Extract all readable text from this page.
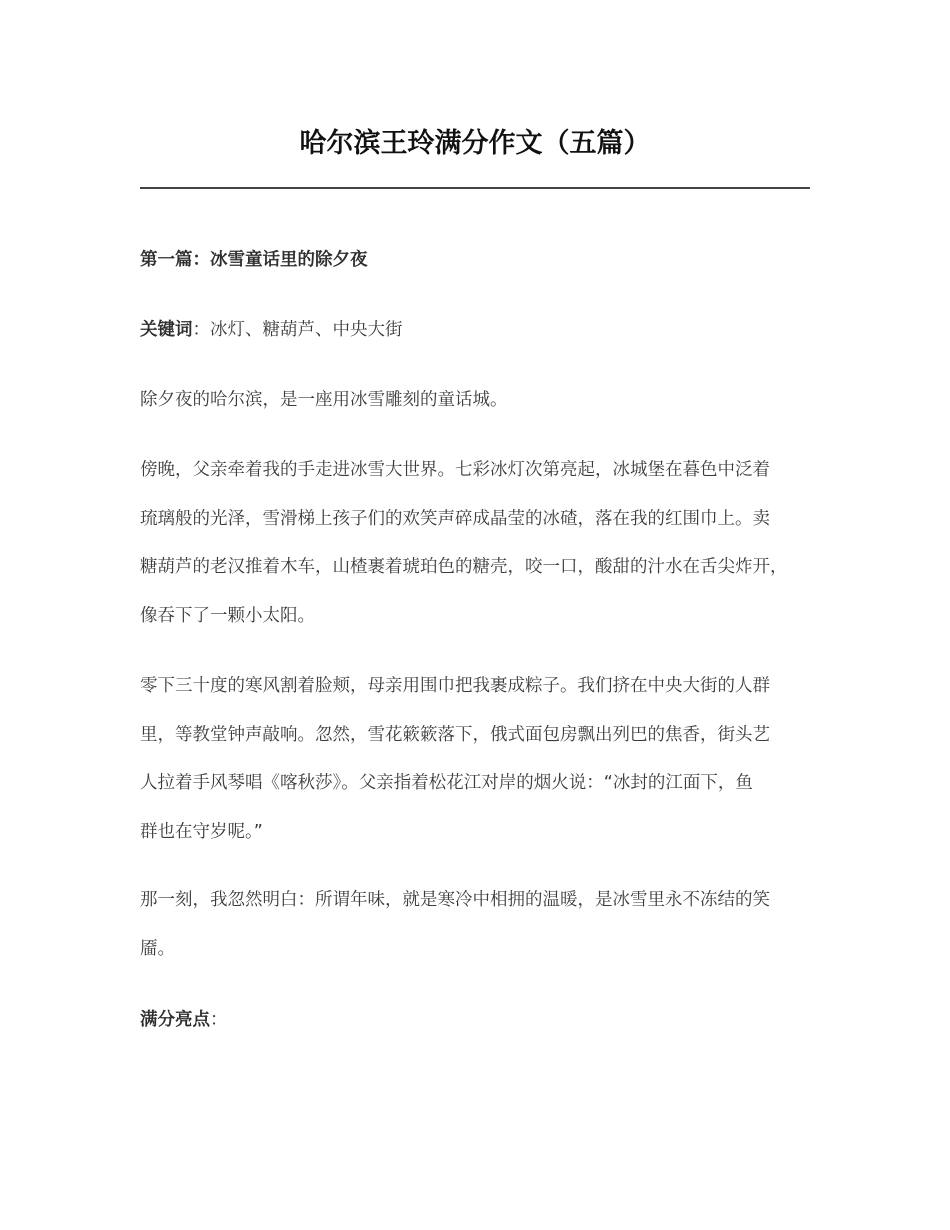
哈尔滨王玲满分作文（五篇）

第一篇：冰雪童话里的除夕夜

关键词：冰灯、糖葫芦、中央大街

除夕夜的哈尔滨，是一座用冰雪雕刻的童话城。

傍晚，父亲牵着我的手走进冰雪大世界。七彩冰灯次第亮起，冰城堡在暮色中泛着
琉璃般的光泽，雪滑梯上孩子们的欢笑声碎成晶莹的冰碴，落在我的红围巾上。卖
糖葫芦的老汉推着木车，山楂裹着琥珀色的糖壳，咬一口，酸甜的汁水在舌尖炸开，
像吞下了一颗小太阳。

零下三十度的寒风割着脸颊，母亲用围巾把我裹成粽子。我们挤在中央大街的人群
里，等教堂钟声敲响。忽然，雪花簌簌落下，俄式面包房飘出列巴的焦香，街头艺
人拉着手风琴唱《喀秋莎》。父亲指着松花江对岸的烟火说：“冰封的江面下，鱼
群也在守岁呢。”

那一刻，我忽然明白：所谓年味，就是寒冷中相拥的温暖，是冰雪里永不冻结的笑
靥。

满分亮点：
